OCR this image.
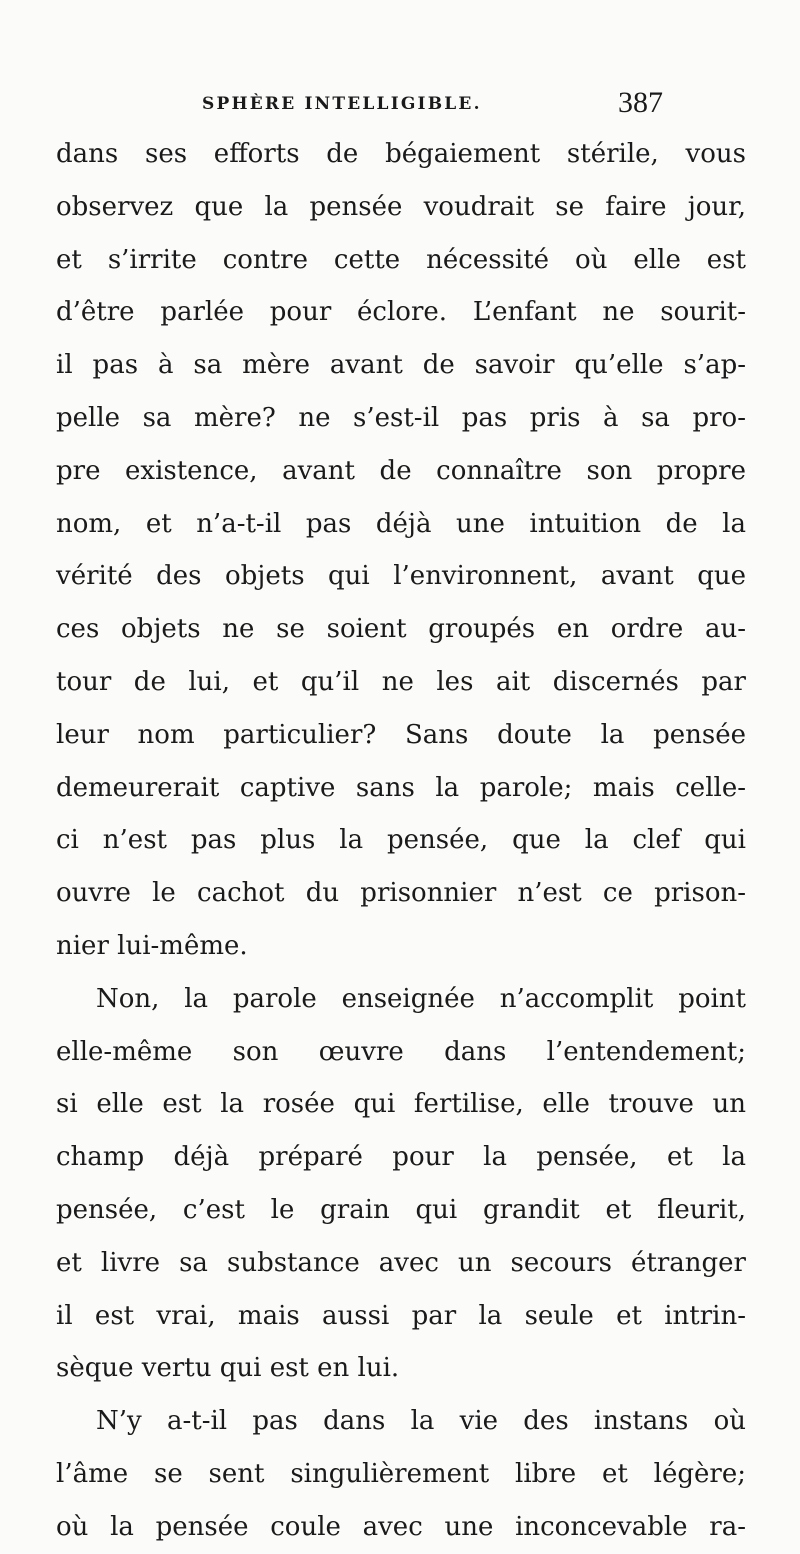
SPHÈRE INTELLIGIBLE.	387
dans ses efforts de bégaiement stérile, vous
observez que la pensée voudrait se faire jour,
et s’irrite contre cette nécessité où elle est
d’être parlée pour éclore. L’enfant ne sourit-
il pas à sa mère avant de savoir qu’elle s’ap-
pelle sa mère? ne s’est-il pas pris à sa pro-
pre existence, avant de connaître son propre
nom, et n’a-t-il pas déjà une intuition de la
vérité des objets qui l’environnent, avant que
ces objets ne se soient groupés en ordre au-
tour de lui, et qu’il ne les ait discernés par
leur nom particulier? Sans doute la pensée
demeurerait captive sans la parole; mais celle-
ci n’est pas plus la pensée, que la clef qui
ouvre le cachot du prisonnier n’est ce prison-
nier lui-même.
Non, la parole enseignée n’accomplit point
elle-même son œuvre dans l’entendement;
si elle est la rosée qui fertilise, elle trouve un
champ déjà préparé pour la pensée, et la
pensée, c’est le grain qui grandit et fleurit,
et livre sa substance avec un secours étranger
il est vrai, mais aussi par la seule et intrin-
sèque vertu qui est en lui.
N’y a-t-il pas dans la vie des instans où
l’âme se sent singulièrement libre et légère;
où la pensée coule avec une inconcevable ra-
